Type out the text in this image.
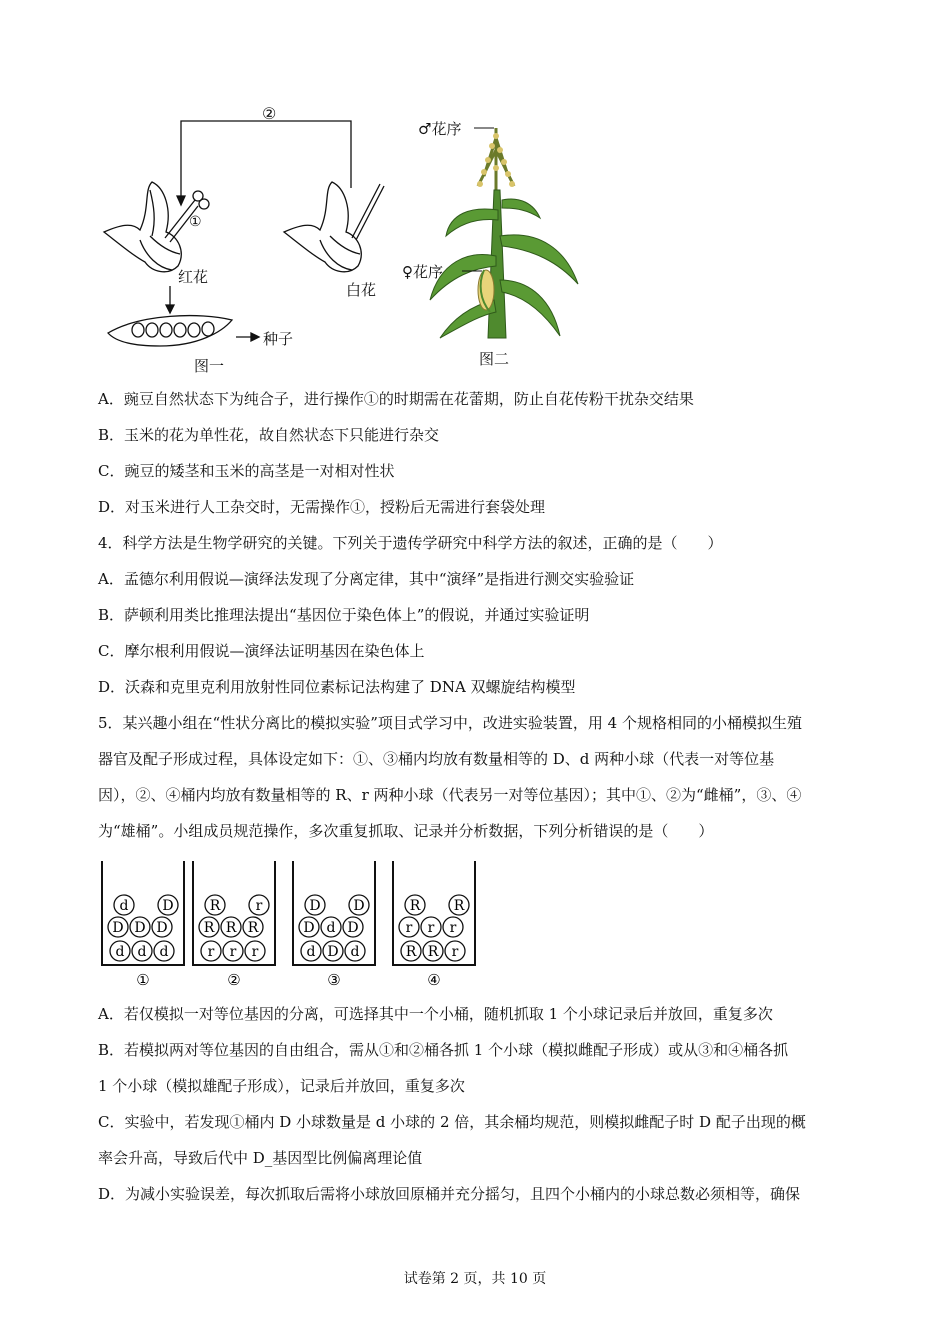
②
①
红花
白花
种子
图一
♂花序
♀花序
图二
A．豌豆自然状态下为纯合子，进行操作①的时期需在花蕾期，防止自花传粉干扰杂交结果
B．玉米的花为单性花，故自然状态下只能进行杂交
C．豌豆的矮茎和玉米的高茎是一对相对性状
D．对玉米进行人工杂交时，无需操作①，授粉后无需进行套袋处理
4．科学方法是生物学研究的关键。下列关于遗传学研究中科学方法的叙述，正确的是（　　）
A．孟德尔利用假说—演绎法发现了分离定律，其中“演绎”是指进行测交实验验证
B．萨顿利用类比推理法提出“基因位于染色体上”的假说，并通过实验证明
C．摩尔根利用假说—演绎法证明基因在染色体上
D．沃森和克里克利用放射性同位素标记法构建了 DNA 双螺旋结构模型
5．某兴趣小组在“性状分离比的模拟实验”项目式学习中，改进实验装置，用 4 个规格相同的小桶模拟生殖
器官及配子形成过程，具体设定如下：①、③桶内均放有数量相等的 D、d 两种小球（代表一对等位基
因），②、④桶内均放有数量相等的 R、r 两种小球（代表另一对等位基因）；其中①、②为“雌桶”，③、④
为“雄桶”。小组成员规范操作，多次重复抓取、记录并分析数据，下列分析错误的是（　　）
d D
D D D
d d d
①
R	r
R R R
r r r
②
D D
D d D
d D d
③
R R
r r r
R R r
④
A．若仅模拟一对等位基因的分离，可选择其中一个小桶，随机抓取 1 个小球记录后并放回，重复多次
B．若模拟两对等位基因的自由组合，需从①和②桶各抓 1 个小球（模拟雌配子形成）或从③和④桶各抓
1 个小球（模拟雄配子形成），记录后并放回，重复多次
C．实验中，若发现①桶内 D 小球数量是 d 小球的 2 倍，其余桶均规范，则模拟雌配子时 D 配子出现的概
率会升高，导致后代中 D_基因型比例偏离理论值
D．为减小实验误差，每次抓取后需将小球放回原桶并充分摇匀，且四个小桶内的小球总数必须相等，确保
试卷第 2 页，共 10 页
